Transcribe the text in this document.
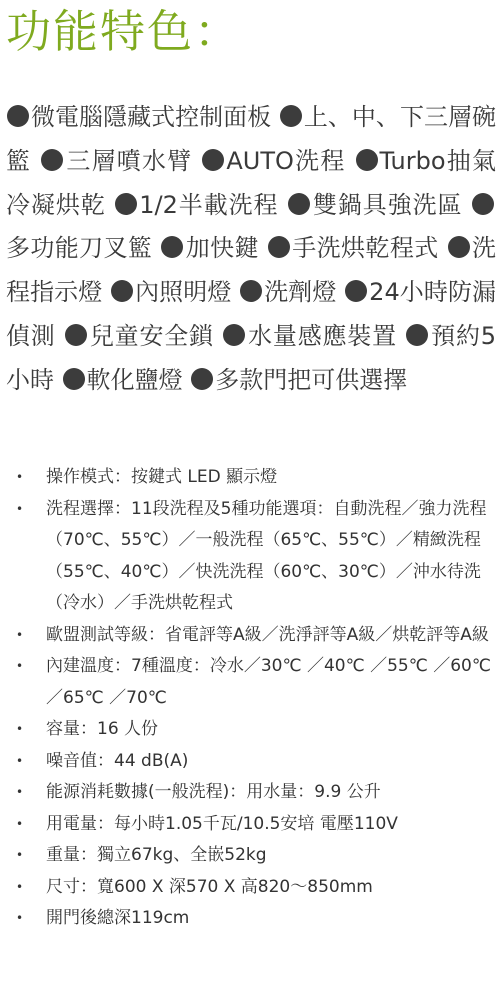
功能特色：
微電腦隱藏式控制面板 上、中、下三層碗籃 三層噴水臂 AUTO洗程 Turbo抽氣冷凝烘乾 1/2半載洗程 雙鍋具強洗區 多功能刀叉籃 加快鍵 手洗烘乾程式 洗程指示燈 內照明燈 洗劑燈 24小時防漏偵測 兒童安全鎖 水量感應裝置 預約5小時 軟化鹽燈 多款門把可供選擇
• 操作模式：按鍵式 LED 顯示燈
• 洗程選擇：11段洗程及5種功能選項：自動洗程／強力洗程（70℃、55℃）／一般洗程（65℃、55℃）／精緻洗程（55℃、40℃）／快洗洗程（60℃、30℃）／沖水待洗（冷水）／手洗烘乾程式
• 歐盟測試等級：省電評等A級／洗淨評等A級／烘乾評等A級
• 內建溫度：7種溫度：冷水／30℃ ／40℃ ／55℃ ／60℃ ／65℃ ／70℃
• 容量：16 人份
• 噪音值：44 dB(A)
• 能源消耗數據(一般洗程)：用水量：9.9 公升
• 用電量：每小時1.05千瓦/10.5安培 電壓110V
• 重量：獨立67kg、全嵌52kg
• 尺寸：寬600 X 深570 X 高820～850mm
• 開門後總深119cm
